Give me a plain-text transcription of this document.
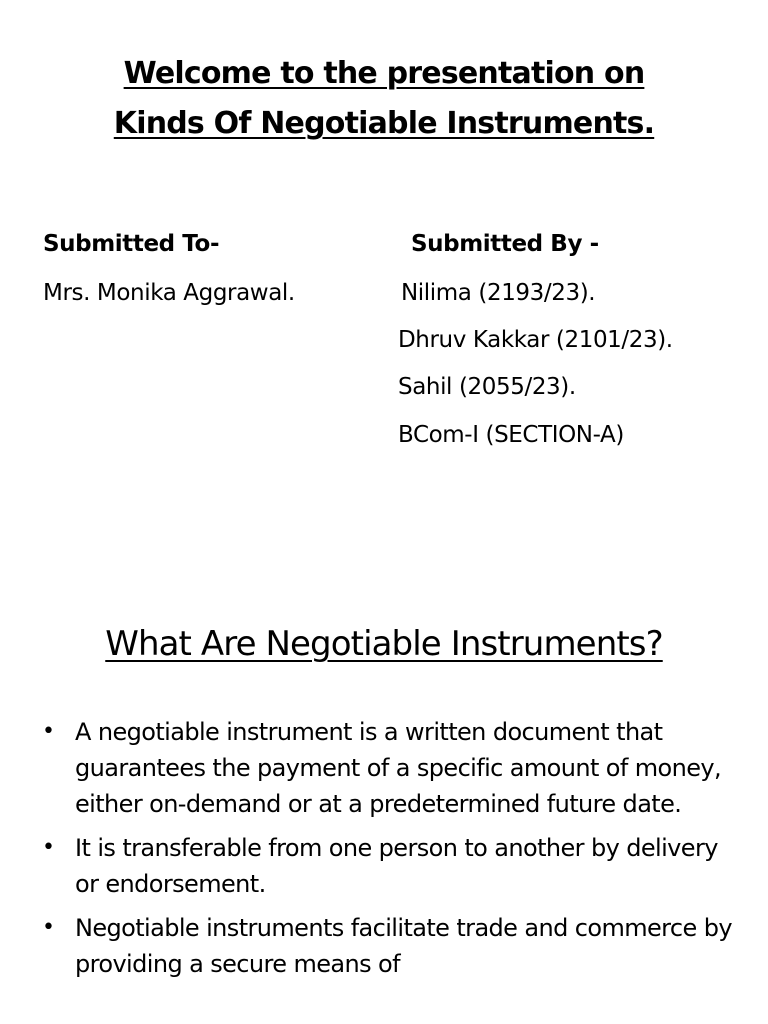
Welcome to the presentation on
Kinds Of Negotiable Instruments.
Submitted To-
Mrs. Monika Aggrawal.
Submitted By -
Nilima (2193/23).
Dhruv Kakkar (2101/23).
Sahil (2055/23).
BCom-I (SECTION-A)
What Are Negotiable Instruments?
• A negotiable instrument is a written document that guarantees the payment of a specific amount of money, either on-demand or at a predetermined future date.
• It is transferable from one person to another by delivery or endorsement.
• Negotiable instruments facilitate trade and commerce by providing a secure means of
